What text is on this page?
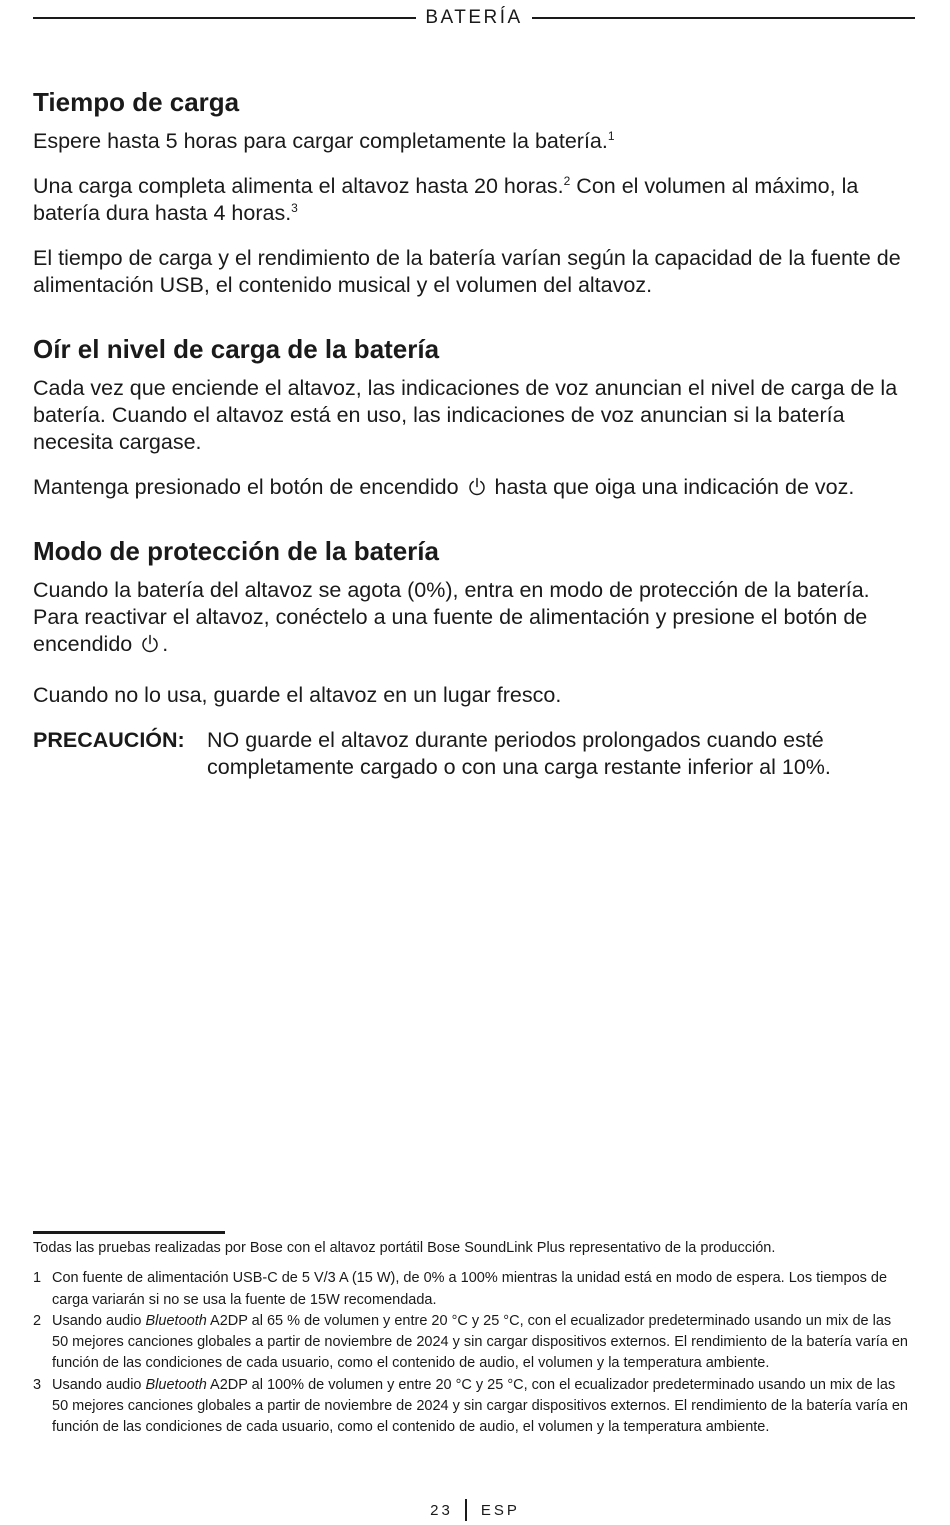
BATERÍA
Tiempo de carga

Espere hasta 5 horas para cargar completamente la batería.$^1$

Una carga completa alimenta el altavoz hasta 20 horas.$^2$ Con el volumen al máximo, la batería dura hasta 4 horas.$^3$

El tiempo de carga y el rendimiento de la batería varían según la capacidad de la fuente de alimentación USB, el contenido musical y el volumen del altavoz.

Oír el nivel de carga de la batería

Cada vez que enciende el altavoz, las indicaciones de voz anuncian el nivel de carga de la batería. Cuando el altavoz está en uso, las indicaciones de voz anuncian si la batería necesita cargase.

Mantenga presionado el botón de encendido
hasta que oiga una indicación de voz.

Modo de protección de la batería

Cuando la batería del altavoz se agota (0%), entra en modo de protección de la batería. Para reactivar el altavoz, conéctelo a una fuente de alimentación y presione el botón de encendido
.

Cuando no lo usa, guarde el altavoz en un lugar fresco.

PRECAUCIÓN:	NO guarde el altavoz durante periodos prolongados cuando esté completamente cargado o con una carga restante inferior al 10%.

Todas las pruebas realizadas por Bose con el altavoz portátil Bose SoundLink Plus representativo de la producción.

1 Con fuente de alimentación USB-C de 5 V/3 A (15 W), de 0% a 100% mientras la unidad está en modo de espera. Los tiempos de carga variarán si no se usa la fuente de 15W recomendada.
2 Usando audio Bluetooth A2DP al 65 % de volumen y entre 20 °C y 25 °C, con el ecualizador predeterminado usando un mix de las 50 mejores canciones globales a partir de noviembre de 2024 y sin cargar dispositivos externos. El rendimiento de la batería varía en función de las condiciones de cada usuario, como el contenido de audio, el volumen y la temperatura ambiente.
3 Usando audio Bluetooth A2DP al 100% de volumen y entre 20 °C y 25 °C, con el ecualizador predeterminado usando un mix de las 50 mejores canciones globales a partir de noviembre de 2024 y sin cargar dispositivos externos. El rendimiento de la batería varía en función de las condiciones de cada usuario, como el contenido de audio, el volumen y la temperatura ambiente.
23 ESP
